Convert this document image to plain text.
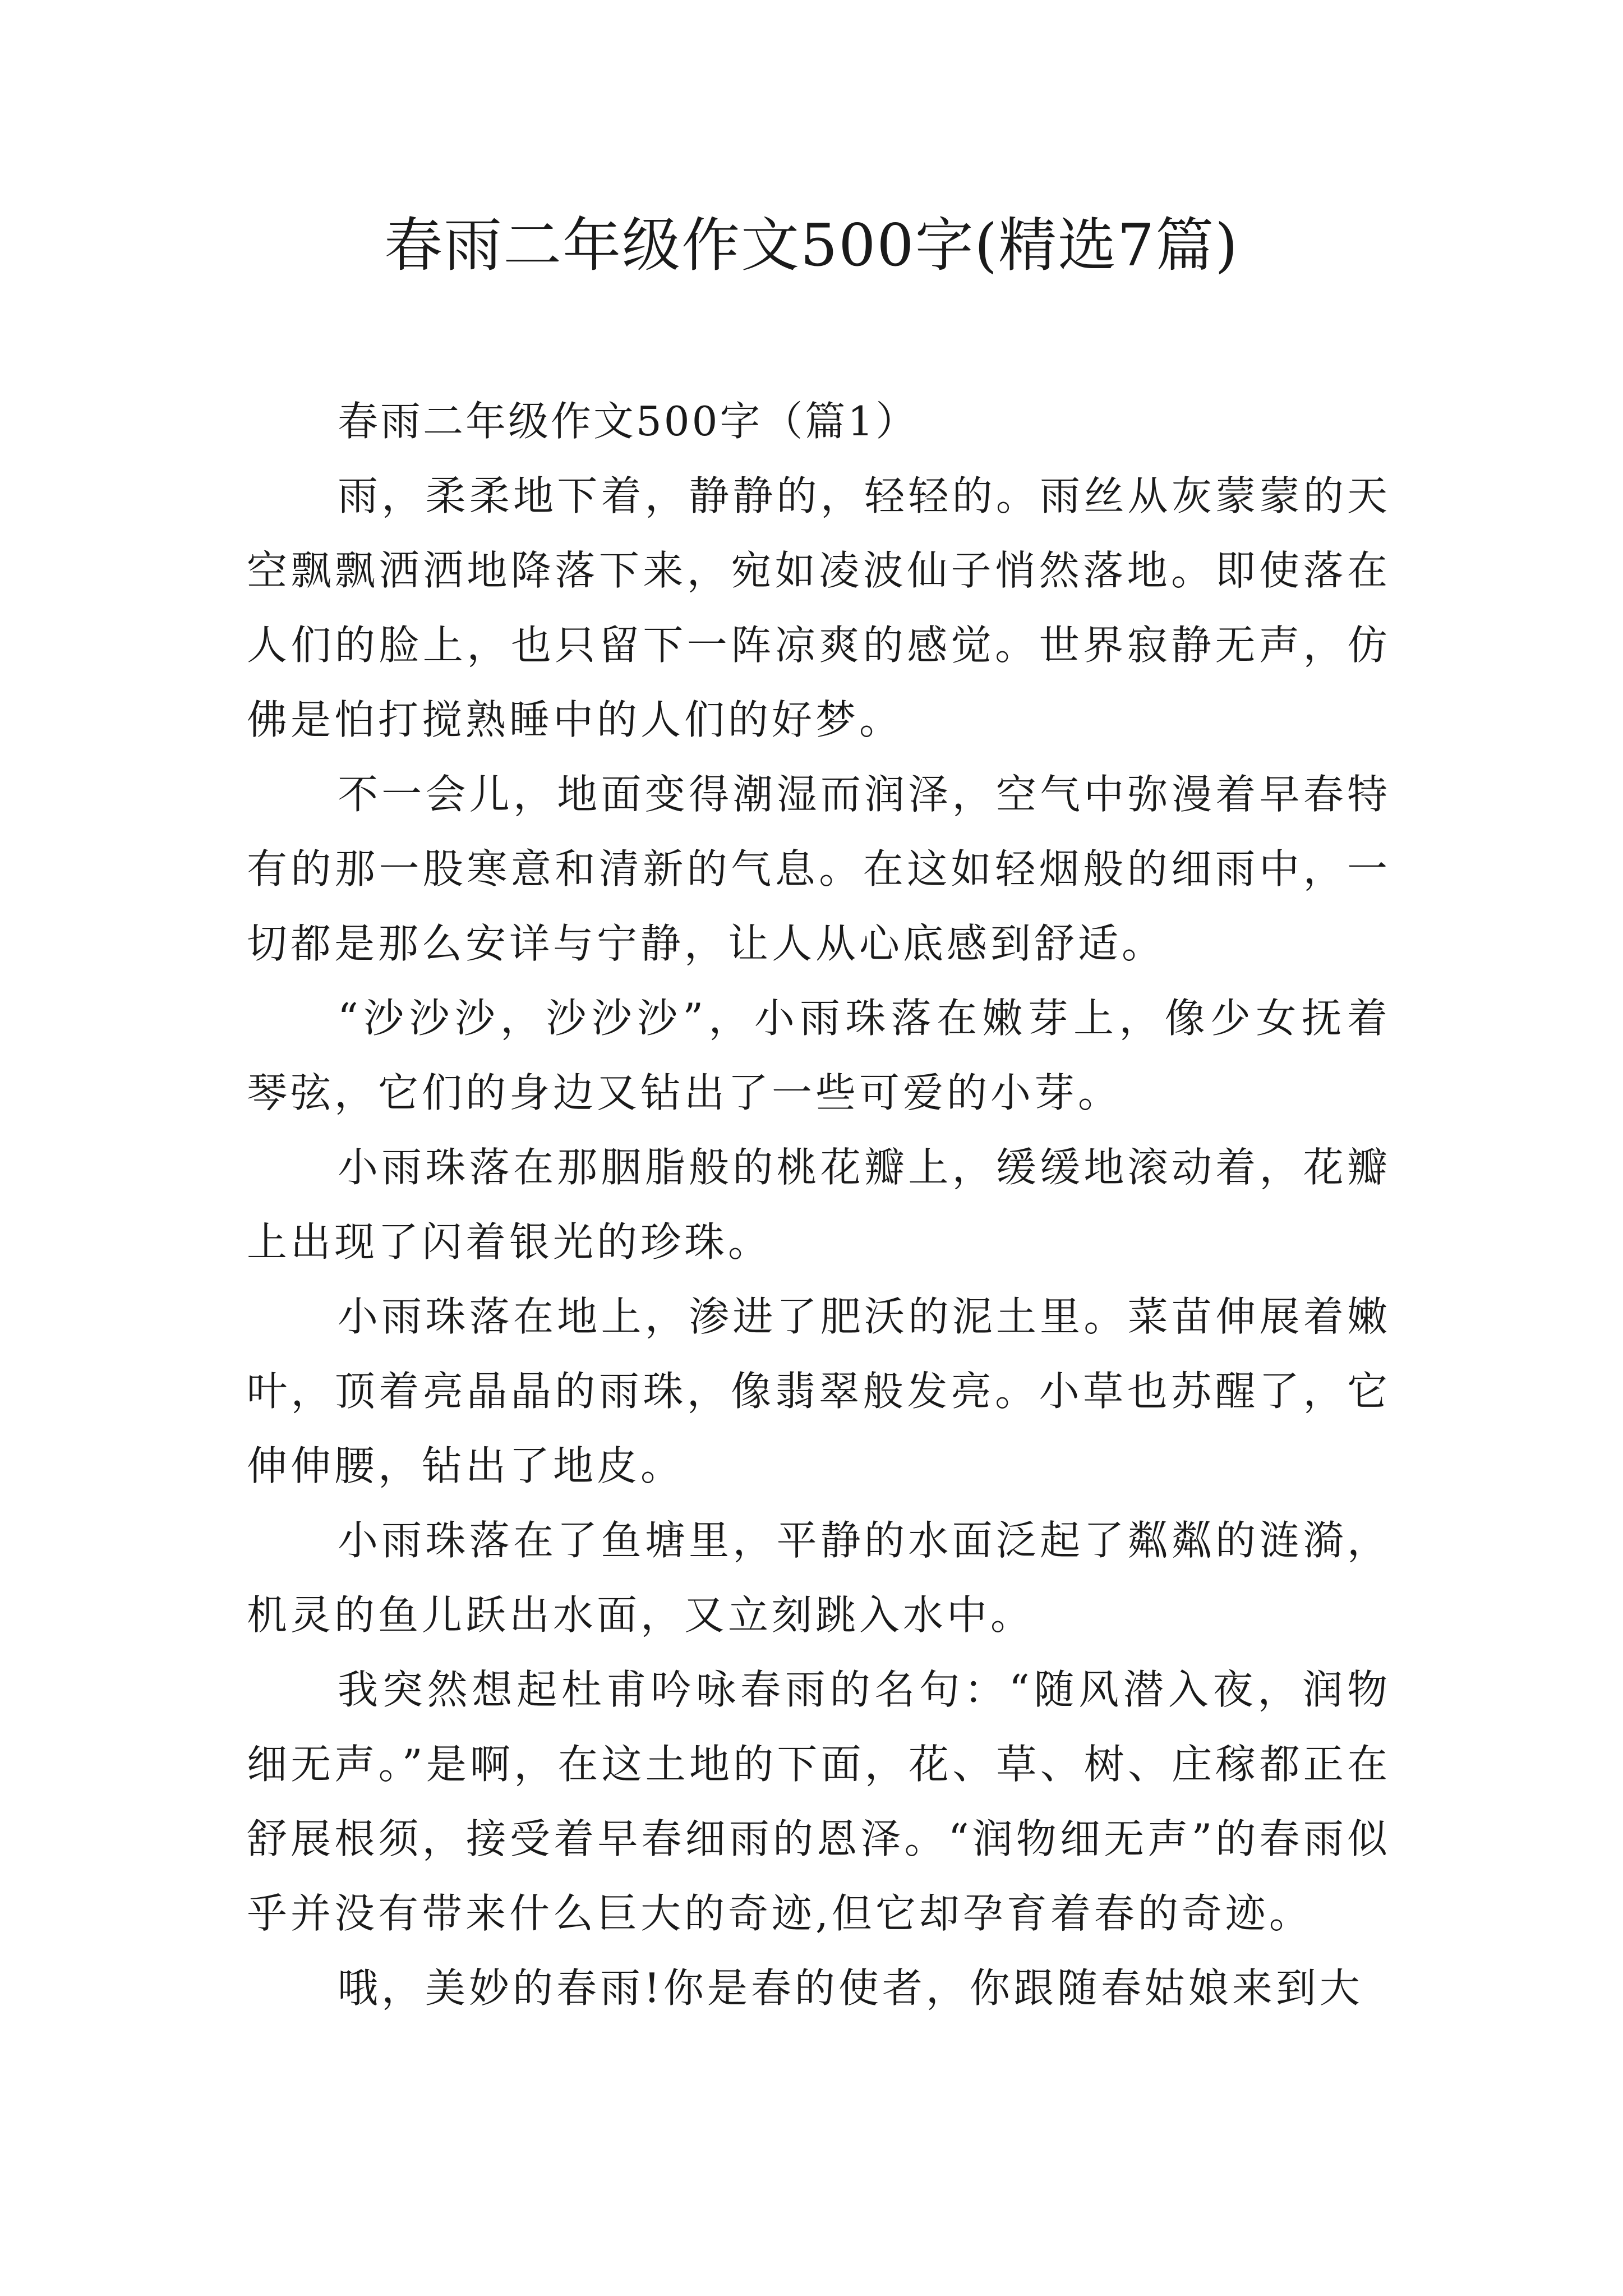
春雨二年级作文500字(精选7篇)

春雨二年级作文500字（篇1）

雨，柔柔地下着，静静的，轻轻的。雨丝从灰蒙蒙的天空飘飘洒洒地降落下来，宛如凌波仙子悄然落地。即使落在人们的脸上，也只留下一阵凉爽的感觉。世界寂静无声，仿佛是怕打搅熟睡中的人们的好梦。

不一会儿，地面变得潮湿而润泽，空气中弥漫着早春特有的那一股寒意和清新的气息。在这如轻烟般的细雨中，一切都是那么安详与宁静，让人从心底感到舒适。

“沙沙沙，沙沙沙”，小雨珠落在嫩芽上，像少女抚着琴弦，它们的身边又钻出了一些可爱的小芽。

小雨珠落在那胭脂般的桃花瓣上，缓缓地滚动着，花瓣上出现了闪着银光的珍珠。

小雨珠落在地上，渗进了肥沃的泥土里。菜苗伸展着嫩叶，顶着亮晶晶的雨珠，像翡翠般发亮。小草也苏醒了，它伸伸腰，钻出了地皮。

小雨珠落在了鱼塘里，平静的水面泛起了粼粼的涟漪，机灵的鱼儿跃出水面，又立刻跳入水中。

我突然想起杜甫吟咏春雨的名句：“随风潜入夜，润物细无声。”是啊，在这土地的下面，花、草、树、庄稼都正在舒展根须，接受着早春细雨的恩泽。“润物细无声”的春雨似乎并没有带来什么巨大的奇迹,但它却孕育着春的奇迹。

哦，美妙的春雨!你是春的使者，你跟随春姑娘来到大
